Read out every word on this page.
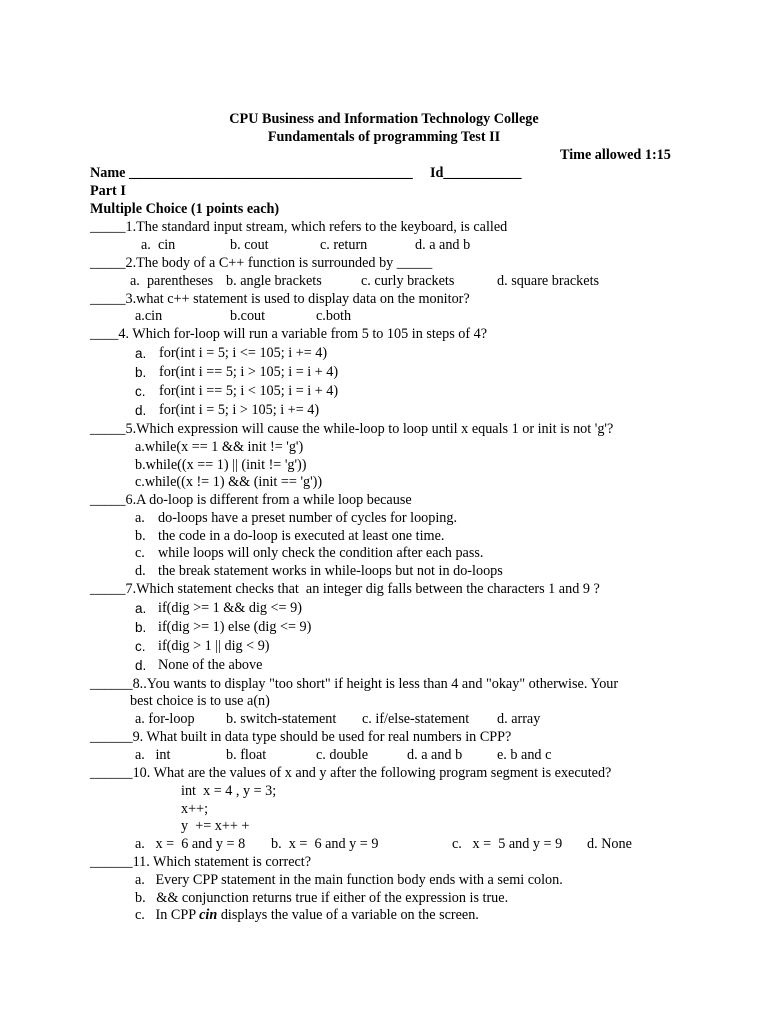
CPU Business and Information Technology College
Fundamentals of programming Test II
Time allowed 1:15
Name ________________________________________ Id___________
Part I
Multiple Choice (1 points each)
_____1.The standard input stream, which refers to the keyboard, is called
a.  cin	b. cout	c. return	d. a and b
_____2.The body of a C++ function is surrounded by _____
a.  parentheses b. angle brackets	c. curly brackets	d. square brackets
_____3.what c++ statement is used to display data on the monitor?
a.cin	b.cout	c.both
____4. Which for-loop will run a variable from 5 to 105 in steps of 4?
a. for(int i = 5; i <= 105; i += 4)
b. for(int i == 5; i > 105; i = i + 4)
c. for(int i == 5; i < 105; i = i + 4)
d. for(int i = 5; i > 105; i += 4)
_____5.Which expression will cause the while-loop to loop until x equals 1 or init is not 'g'?
a.while(x == 1 && init != 'g')
b.while((x == 1) || (init != 'g'))
c.while((x != 1) && (init == 'g'))
_____6.A do-loop is different from a while loop because
a. do-loops have a preset number of cycles for looping.
b. the code in a do-loop is executed at least one time.
c. while loops will only check the condition after each pass.
d. the break statement works in while-loops but not in do-loops
_____7.Which statement checks that  an integer dig falls between the characters 1 and 9 ?
a. if(dig >= 1 && dig <= 9)
b. if(dig >= 1) else (dig <= 9)
c. if(dig > 1 || dig < 9)
d. None of the above
______8..You wants to display "too short" if height is less than 4 and "okay" otherwise. Your
best choice is to use a(n)
a. for-loop b. switch-statement c. if/else-statement d. array
______9. What built in data type should be used for real numbers in CPP?
a.   int	b. float	c. double	d. a and b e. b and c
______10. What are the values of x and y after the following program segment is executed?
int  x = 4 , y = 3;
x++;
y  += x++ +
a.   x =  6 and y = 8 b.  x =  6 and y = 9	c.   x =  5 and y = 9 d. None
______11. Which statement is correct?
a.   Every CPP statement in the main function body ends with a semi colon.
b.   && conjunction returns true if either of the expression is true.
c.   In CPP cin displays the value of a variable on the screen.
